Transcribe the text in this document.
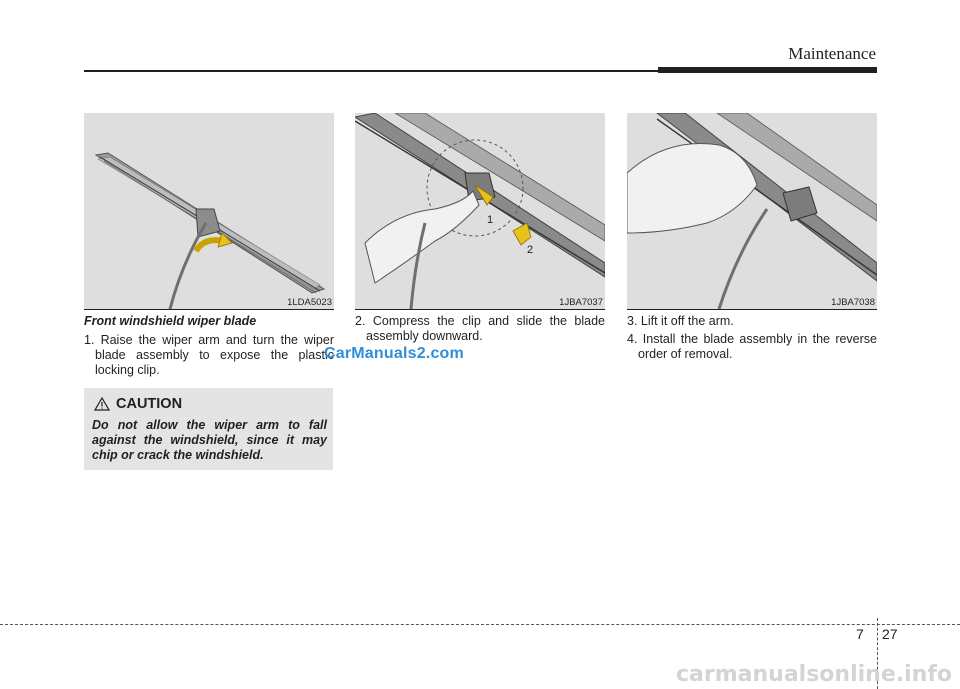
Maintenance
1LDA5023
1
2
1JBA7037	1JBA7038
Front windshield wiper blade
1. Raise the wiper arm and turn the wiper blade assembly to expose the plastic locking clip.
2. Compress the clip and slide the blade assembly downward.
3. Lift it off the arm.
4. Install the blade assembly in the reverse order of removal.
CAUTION
Do not allow the wiper arm to fall against the windshield, since it may chip or crack the windshield.
CarManuals2.com
7 27
carmanualsonline.info
